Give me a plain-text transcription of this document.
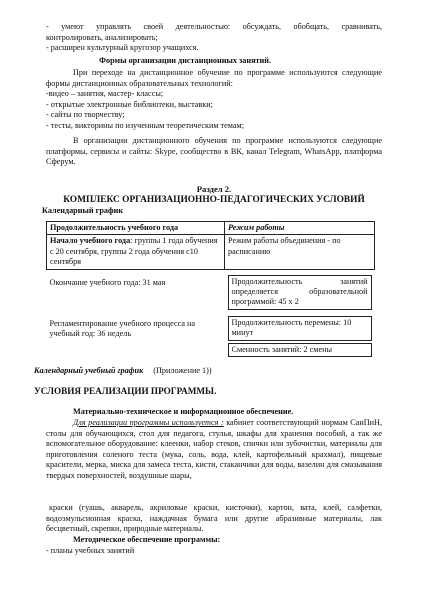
- умеют управлять своей деятельностью: обсуждать, обобщать, сравнивать,
контролировать, анализировать;
- расширен культурный кругозор учащихся.
Формы организации дистанционных занятий.
При переходе на дистанционное обучение по программе используются следующие формы дистанционных образовательных технологий:
-видео – занятия, мастер- классы;
- открытые электронные библиотеки, выставки;
- сайты по творчеству;
- тесты, викторины по изученным теоретическим темам;
В организации дистанционного обучения по программе используются следующие платформы, сервисы и сайты: Skype, сообщество в ВК, канал Telegram, WhatsApp, платформа Сферум.
Раздел 2.
КОМПЛЕКС ОРГАНИЗАЦИОННО-ПЕДАГОГИЧЕСКИХ УСЛОВИЙ
Календарный график
Продолжительность учебного года	Режим работы
Начало учебного года: группы 1 года обучения с 20 сентября, группы 2 года обучения с10 сентября	Режим работы объединения - по расписанию

Окончание учебного года: 31 мая	Продолжительность занятий определяется образовательной программой: 45 х 2

Регламентирование учебного процесса на учебный год: 36 недель	Продолжительность перемены: 10 минут
Сменность занятий: 2 смены
Календарный учебный график (Приложение 1))
УСЛОВИЯ РЕАЛИЗАЦИИ ПРОГРАММЫ.
Материально-техническое и информационное обеспечение.
Для реализации программы используется : кабинет соответствующий нормам СанПиН, столы для обучающихся, стол для педагога, стулья, шкафы для хранения пособий, а так же вспомогательное оборудование: клеенки, набор стеков, спички или зубочистки, материалы для приготовления соленого теста (мука, соль, вода, клей, картофельный крахмал), пищевые красители, мерка, миска для замеса теста, кисти, стаканчики для воды, вазелин для смазывания твердых поверхностей, воздушные шары,
краски (гуашь, акварель, акриловые краски, кисточки), картон, вата, клей, салфетки, водоэмульсионная краска, наждачная бумага или другие абразивные материалы, лак бесцветный, скрепки, природные материалы.
Методическое обеспечение программы:
- планы учебных занятий
